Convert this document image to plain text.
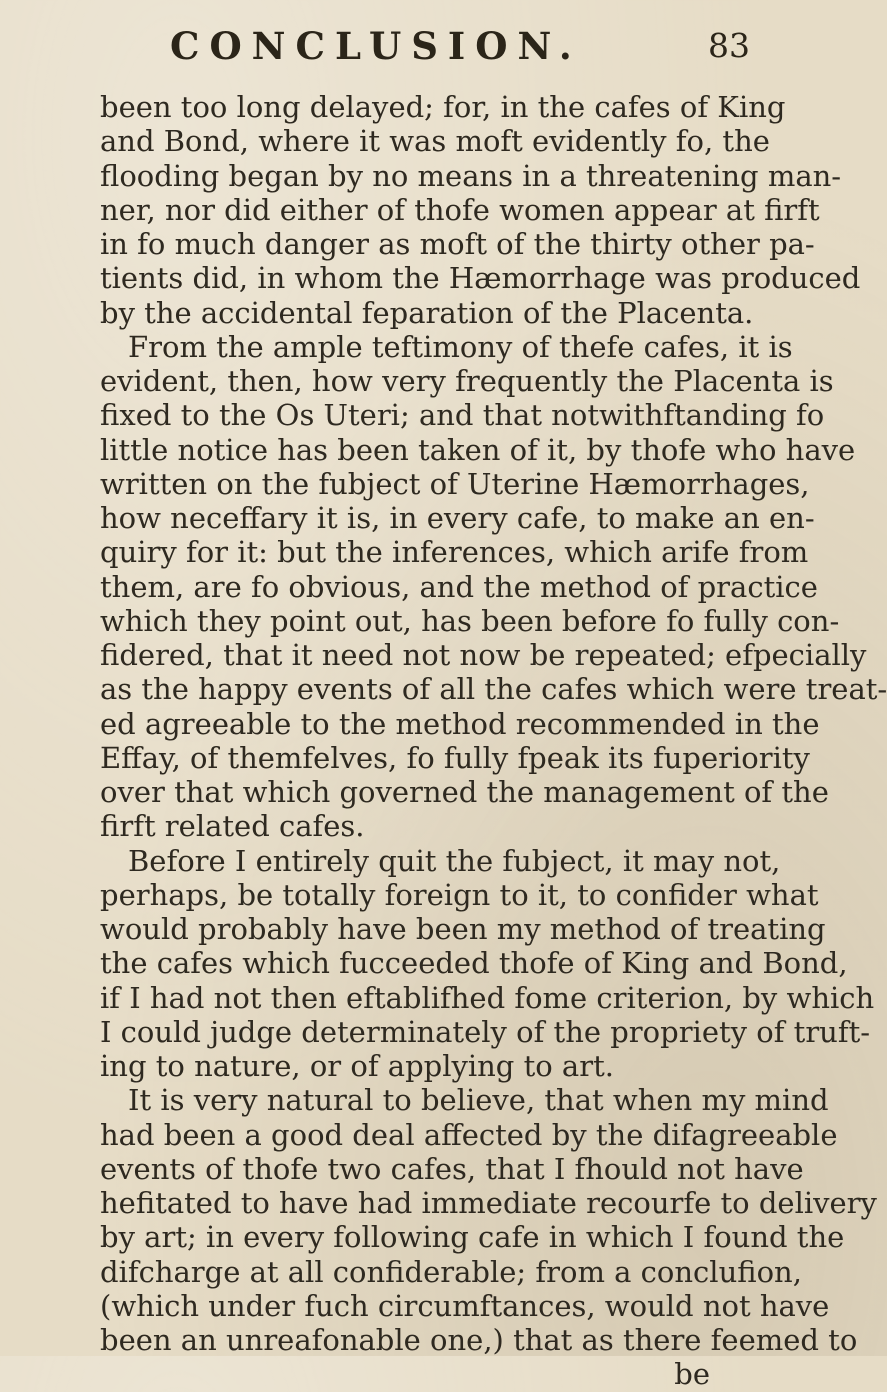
CONCLUSION.	83
been too long delayed; for, in the cafes of King
and Bond, where it was moft evidently fo, the
flooding began by no means in a threatening man-
ner, nor did either of thofe women appear at firft
in fo much danger as moft of the thirty other pa-
tients did, in whom the Hæmorrhage was produced
by the accidental feparation of the Placenta.
From the ample teftimony of thefe cafes, it is
evident, then, how very frequently the Placenta is
fixed to the Os Uteri; and that notwithftanding fo
little notice has been taken of it, by thofe who have
written on the fubject of Uterine Hæmorrhages,
how neceffary it is, in every cafe, to make an en-
quiry for it: but the inferences, which arife from
them, are fo obvious, and the method of practice
which they point out, has been before fo fully con-
fidered, that it need not now be repeated; efpecially
as the happy events of all the cafes which were treat-
ed agreeable to the method recommended in the
Effay, of themfelves, fo fully fpeak its fuperiority
over that which governed the management of the
firft related cafes.
Before I entirely quit the fubject, it may not,
perhaps, be totally foreign to it, to confider what
would probably have been my method of treating
the cafes which fucceeded thofe of King and Bond,
if I had not then eftablifhed fome criterion, by which
I could judge determinately of the propriety of truft-
ing to nature, or of applying to art.
It is very natural to believe, that when my mind
had been a good deal affected by the difagreeable
events of thofe two cafes, that I fhould not have
hefitated to have had immediate recourfe to delivery
by art; in every following cafe in which I found the
difcharge at all confiderable; from a conclufion,
(which under fuch circumftances, would not have
been an unreafonable one,) that as there feemed to
be
